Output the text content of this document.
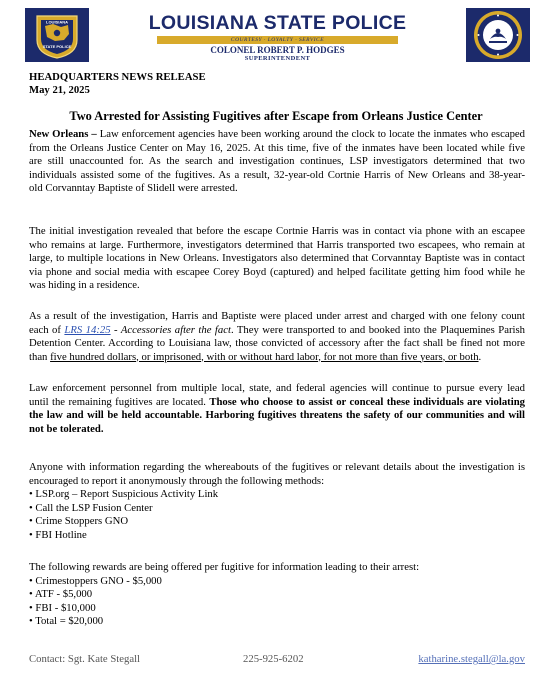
LOUISIANA
STATE POLICE
LOUISIANA STATE POLICE
COURTESY · LOYALTY · SERVICE
COLONEL ROBERT P. HODGES
SUPERINTENDENT
HEADQUARTERS NEWS RELEASE
May 21, 2025
Two Arrested for Assisting Fugitives after Escape from Orleans Justice Center
New Orleans – Law enforcement agencies have been working around the clock to locate the inmates who escaped
from the Orleans Justice Center on May 16, 2025. At this time, five of the inmates have been located while five
are still unaccounted for. As the search and investigation continues, LSP investigators determined that two
individuals assisted some of the fugitives. As a result, 32-year-old Cortnie Harris of New Orleans and 38-year-
old Corvanntay Baptiste of Slidell were arrested.
The initial investigation revealed that before the escape Cortnie Harris was in contact via phone with an escapee
who remains at large. Furthermore, investigators determined that Harris transported two escapees, who remain at
large, to multiple locations in New Orleans. Investigators also determined that Corvanntay Baptiste was in contact
via phone and social media with escapee Corey Boyd (captured) and helped facilitate getting him food while he
was hiding in a residence.
As a result of the investigation, Harris and Baptiste were placed under arrest and charged with one felony count
each of LRS 14:25 - Accessories after the fact. They were transported to and booked into the Plaquemines Parish
Detention Center. According to Louisiana law, those convicted of accessory after the fact shall be fined not more
than five hundred dollars, or imprisoned, with or without hard labor, for not more than five years, or both.
Law enforcement personnel from multiple local, state, and federal agencies will continue to pursue every lead
until the remaining fugitives are located. Those who choose to assist or conceal these individuals are violating
the law and will be held accountable. Harboring fugitives threatens the safety of our communities and will
not be tolerated.
Anyone with information regarding the whereabouts of the fugitives or relevant details about the investigation is
encouraged to report it anonymously through the following methods:
• LSP.org – Report Suspicious Activity Link
• Call the LSP Fusion Center
• Crime Stoppers GNO
• FBI Hotline
The following rewards are being offered per fugitive for information leading to their arrest:
• Crimestoppers GNO - $5,000
• ATF - $5,000
• FBI - $10,000
• Total = $20,000
Contact: Sgt. Kate Stegall	225-925-6202	katharine.stegall@la.gov
